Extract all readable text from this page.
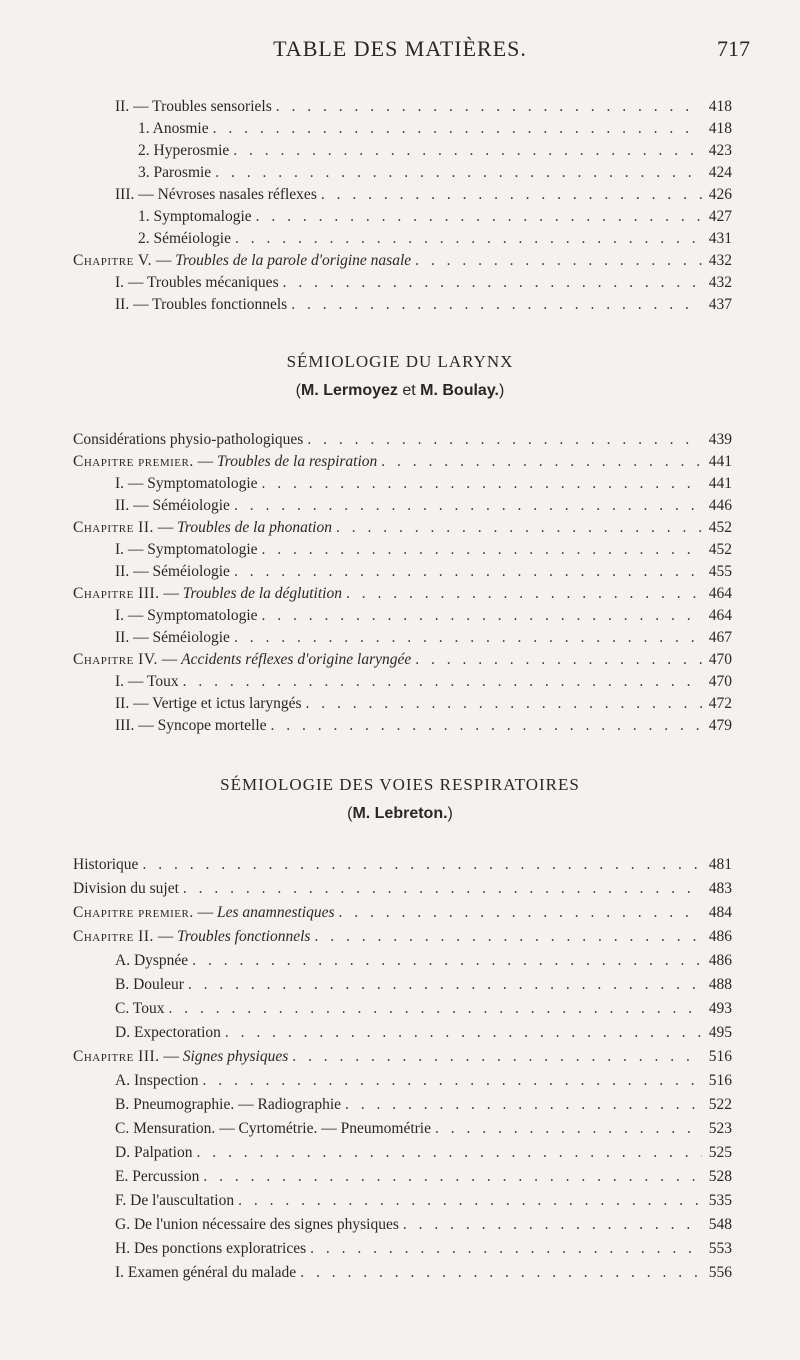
TABLE DES MATIÈRES.	717
II. — Troubles sensoriels . . .	418
1. Anosmie . . .	418
2. Hyperosmie . . .	423
3. Parosmie . . .	424
III. — Névroses nasales réflexes . . .	426
1. Symptomalogie . . .	427
2. Séméiologie . . .	431
Chapitre V. — Troubles de la parole d'origine nasale . . .	432
I. — Troubles mécaniques . . .	432
II. — Troubles fonctionnels . . .	437
SÉMIOLOGIE DU LARYNX
(M. Lermoyez et M. Boulay.)
Considérations physio-pathologiques . . .	439
Chapitre premier. — Troubles de la respiration . . .	441
I. — Symptomatologie . . .	441
II. — Séméiologie . . .	446
Chapitre II. — Troubles de la phonation . . .	452
I. — Symptomatologie . . .	452
II. — Séméiologie . . .	455
Chapitre III. — Troubles de la déglutition . . .	464
I. — Symptomatologie . . .	464
II. — Séméiologie . . .	467
Chapitre IV. — Accidents réflexes d'origine laryngée . . .	470
I. — Toux . . .	470
II. — Vertige et ictus laryngés . . .	472
III. — Syncope mortelle . . .	479
SÉMIOLOGIE DES VOIES RESPIRATOIRES
(M. Lebreton.)
Historique . . .	481
Division du sujet . . .	483
Chapitre premier. — Les anamnestiques . . .	484
Chapitre II. — Troubles fonctionnels . . .	486
A. Dyspnée . . .	486
B. Douleur . . .	488
C. Toux . . .	493
D. Expectoration . . .	495
Chapitre III. — Signes physiques . . .	516
A. Inspection . . .	516
B. Pneumographie. — Radiographie . . .	522
C. Mensuration. — Cyrtométrie. — Pneumométrie . . .	523
D. Palpation . . .	525
E. Percussion . . .	528
F. De l'auscultation . . .	535
G. De l'union nécessaire des signes physiques . . .	548
H. Des ponctions exploratrices . . .	553
I. Examen général du malade . . .	556
